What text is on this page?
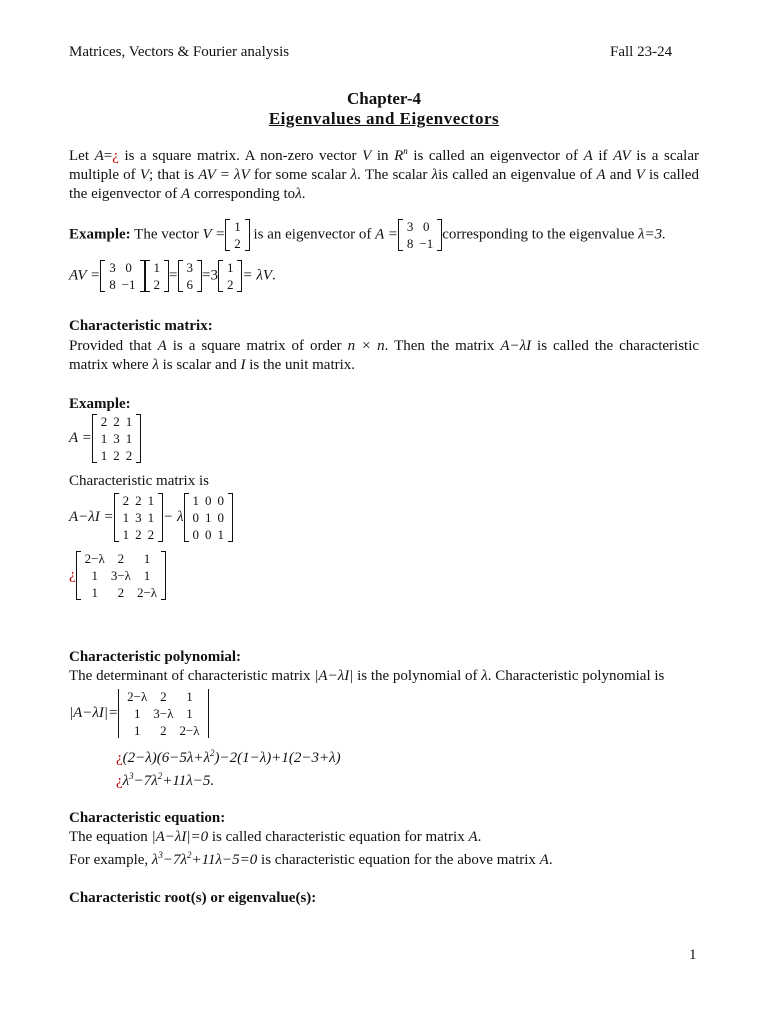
Matrices, Vectors & Fourier analysis	Fall 23-24
Chapter-4
Eigenvalues and Eigenvectors
Let A=¿ is a square matrix. A non-zero vector V in $R^n$ is called an eigenvector of A if AV is a scalar multiple of V; that is AV = λV for some scalar λ. The scalar λis called an eigenvalue of A and V is called the eigenvector of A corresponding toλ.
Example: The vector V = 1
2
is an eigenvector of A = 3	0
8	−1
corresponding to the eigenvalue λ=3.
AV = 3	0
8	−1
1
2
= 3
6
=3 1
2
= λV.
Characteristic matrix:
Provided that A is a square matrix of order n × n. Then the matrix A−λI is called the characteristic matrix where λ is scalar and I is the unit matrix.
Example:
A =
2	2	1
1	3	1
1	2	2
Characteristic matrix is
A−λI =
2	2	1
1	3	1
1	2	2
− λ
1	0	0
0	1	0
0	0	1
¿
2−λ	2	1
1	3−λ	1
1	2	2−λ
Characteristic polynomial:
The determinant of characteristic matrix |A−λI| is the polynomial of λ. Characteristic polynomial is
|A−λI|=
2−λ	2	1
1	3−λ	1
1	2	2−λ
¿$(2-\lambda)(6-5\lambda+\lambda^2)-2(1-\lambda)+1(2-3+\lambda)$
¿$\lambda^3-7\lambda^2+11\lambda-5$.
Characteristic equation:
The equation |A−λI|=0 is called characteristic equation for matrix A.
For example, $\lambda^3-7\lambda^2+11\lambda-5=0$ is characteristic equation for the above matrix A.
Characteristic root(s) or eigenvalue(s):
1
